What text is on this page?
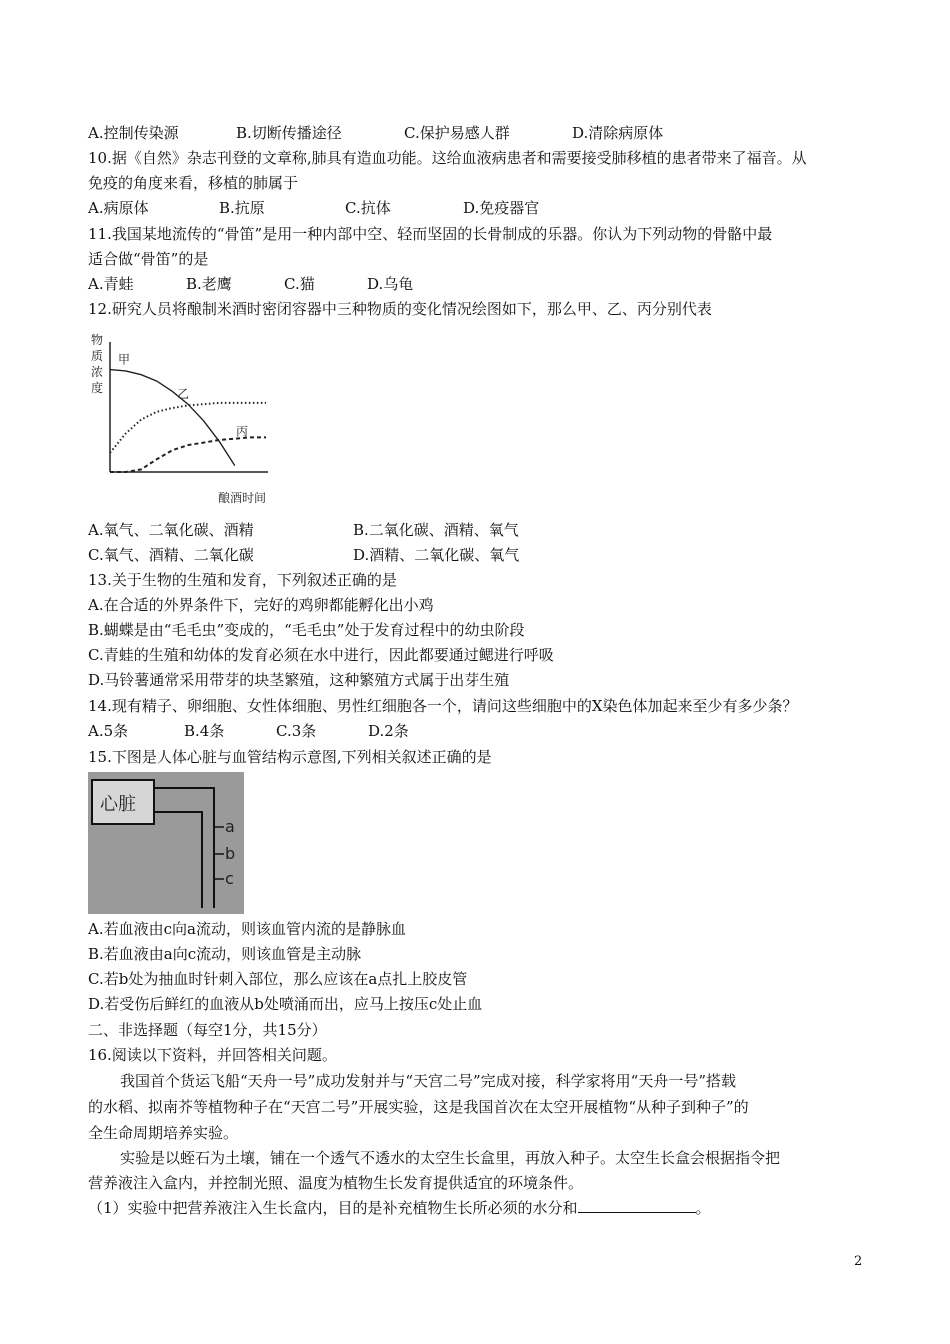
A.控制传染源	B.切断传播途径	C.保护易感人群	D.清除病原体
10.据《自然》杂志刊登的文章称,肺具有造血功能。这给血液病患者和需要接受肺移植的患者带来了福音。从
免疫的角度来看，移植的肺属于
A.病原体	B.抗原	C.抗体	D.免疫器官
11.我国某地流传的“骨笛”是用一种内部中空、轻而坚固的长骨制成的乐器。你认为下列动物的骨骼中最
适合做“骨笛”的是
A.青蛙	B.老鹰	C.猫	D.乌龟
12.研究人员将酿制米酒时密闭容器中三种物质的变化情况绘图如下，那么甲、乙、丙分别代表
物质浓度
甲
乙
丙
酿酒时间
A.氧气、二氧化碳、酒精	B.二氧化碳、酒精、氧气
C.氧气、酒精、二氧化碳	D.酒精、二氧化碳、氧气
13.关于生物的生殖和发育，下列叙述正确的是
A.在合适的外界条件下，完好的鸡卵都能孵化出小鸡
B.蝴蝶是由“毛毛虫”变成的，“毛毛虫”处于发育过程中的幼虫阶段
C.青蛙的生殖和幼体的发育必须在水中进行，因此都要通过鳃进行呼吸
D.马铃薯通常采用带芽的块茎繁殖，这种繁殖方式属于出芽生殖
14.现有精子、卵细胞、女性体细胞、男性红细胞各一个，请问这些细胞中的X染色体加起来至少有多少条？
A.5条	B.4条	C.3条	D.2条
15.下图是人体心脏与血管结构示意图,下列相关叙述正确的是
心脏
a
b
c
A.若血液由c向a流动，则该血管内流的是静脉血
B.若血液由a向c流动，则该血管是主动脉
C.若b处为抽血时针刺入部位，那么应该在a点扎上胶皮管
D.若受伤后鲜红的血液从b处喷涌而出，应马上按压c处止血
二、非选择题（每空1分，共15分）
16.阅读以下资料，并回答相关问题。
我国首个货运飞船“天舟一号”成功发射并与“天宫二号”完成对接，科学家将用“天舟一号”搭载
的水稻、拟南芥等植物种子在“天宫二号”开展实验，这是我国首次在太空开展植物“从种子到种子”的
全生命周期培养实验。
实验是以蛭石为土壤，铺在一个透气不透水的太空生长盒里，再放入种子。太空生长盒会根据指令把
营养液注入盒内，并控制光照、温度为植物生长发育提供适宜的环境条件。
（1）实验中把营养液注入生长盒内，目的是补充植物生长所必须的水分和	。
2
